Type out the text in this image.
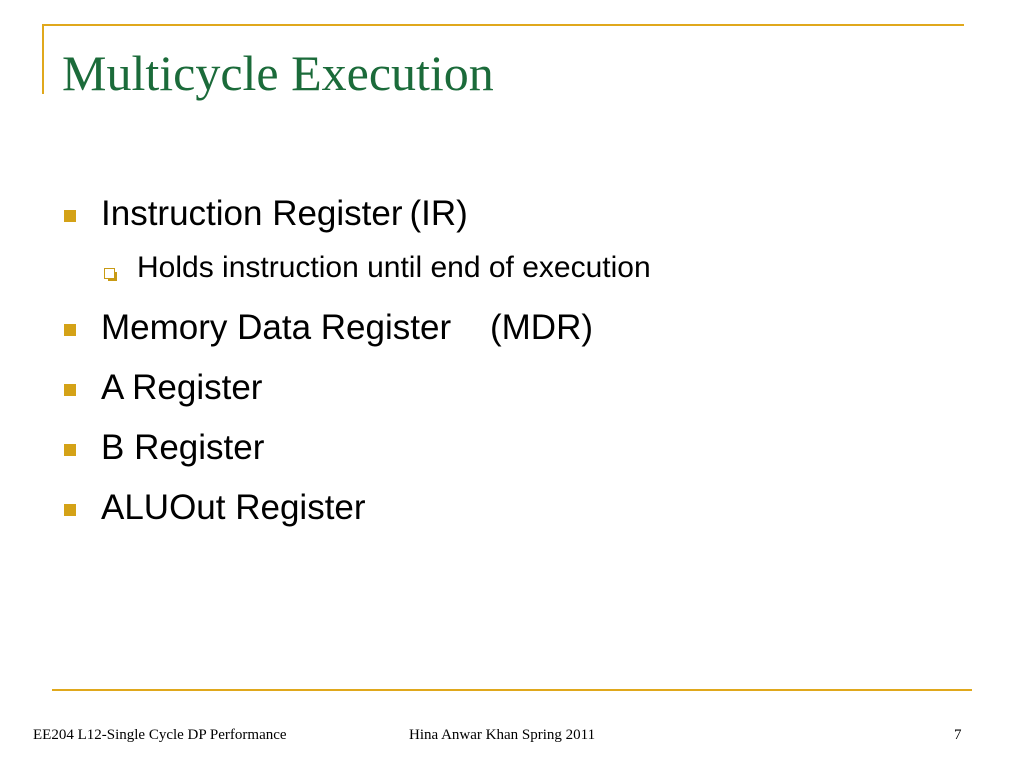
Multicycle Execution
Instruction Register (IR)
Holds instruction until end of execution
Memory Data Register    (MDR)
A Register
B Register
ALUOut Register
EE204 L12-Single Cycle DP Performance	Hina Anwar Khan Spring 2011	7
